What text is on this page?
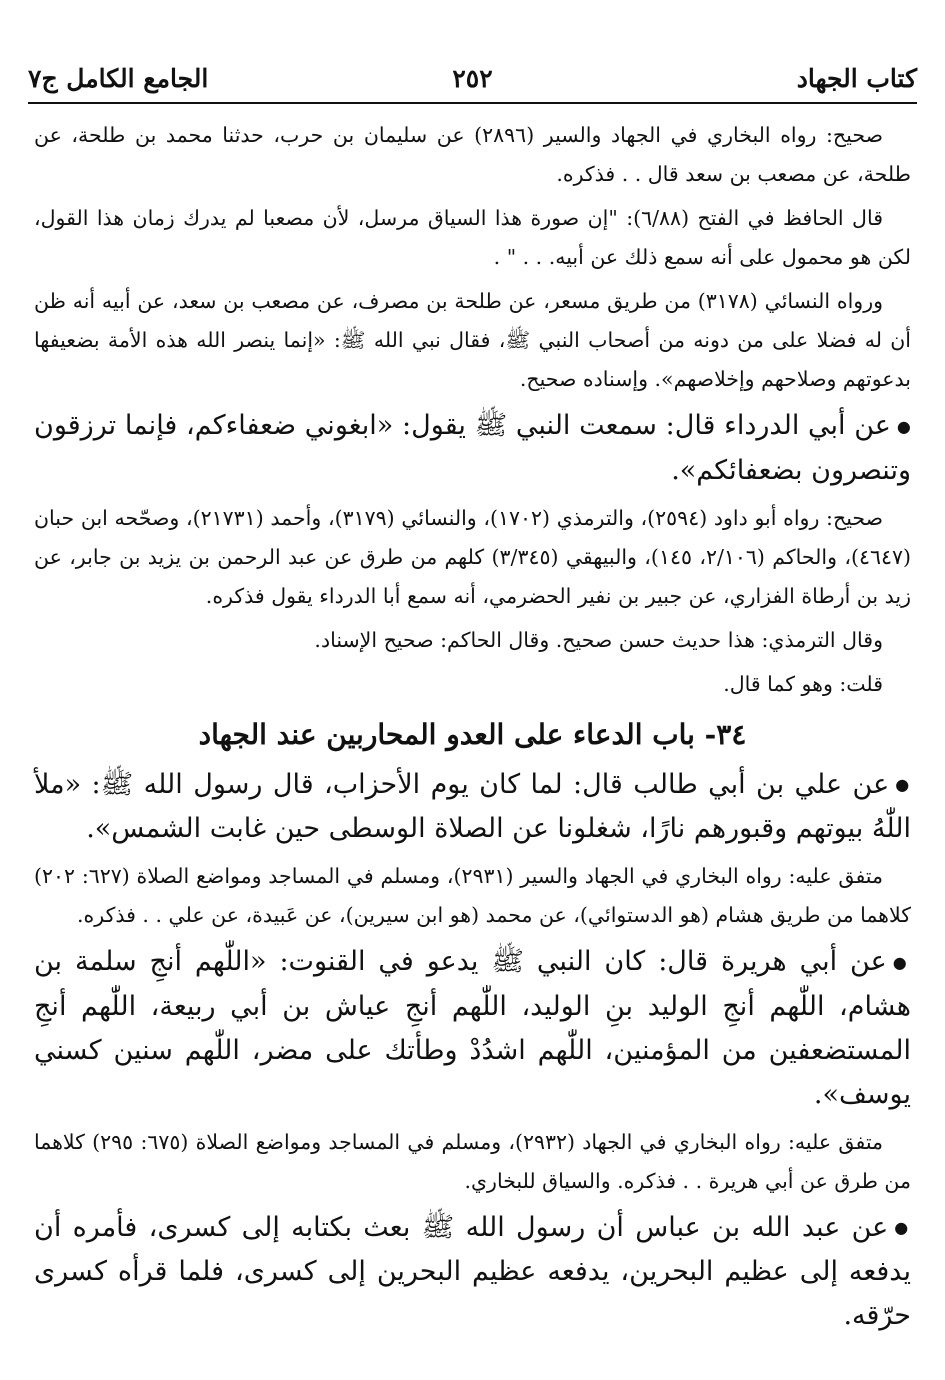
كتاب الجهاد
٢٥٢
الجامع الكامل ج٧

صحيح: رواه البخاري في الجهاد والسير (٢٨٩٦) عن سليمان بن حرب، حدثنا محمد بن طلحة، عن طلحة، عن مصعب بن سعد قال . . فذكره.

قال الحافظ في الفتح (٦/٨٨): "إن صورة هذا السياق مرسل، لأن مصعبا لم يدرك زمان هذا القول، لكن هو محمول على أنه سمع ذلك عن أبيه. . . " .

ورواه النسائي (٣١٧٨) من طريق مسعر، عن طلحة بن مصرف، عن مصعب بن سعد، عن أبيه أنه ظن أن له فضلا على من دونه من أصحاب النبي ﷺ، فقال نبي الله ﷺ: «إنما ينصر الله هذه الأمة بضعيفها بدعوتهم وصلاحهم وإخلاصهم». وإسناده صحيح.

●عن أبي الدرداء قال: سمعت النبي ﷺ يقول: «ابغوني ضعفاءكم، فإنما ترزقون وتنصرون بضعفائكم».

صحيح: رواه أبو داود (٢٥٩٤)، والترمذي (١٧٠٢)، والنسائي (٣١٧٩)، وأحمد (٢١٧٣١)، وصحّحه ابن حبان (٤٦٤٧)، والحاكم (٢/١٠٦، ١٤٥)، والبيهقي (٣/٣٤٥) كلهم من طرق عن عبد الرحمن بن يزيد بن جابر، عن زيد بن أرطاة الفزاري، عن جبير بن نفير الحضرمي، أنه سمع أبا الدرداء يقول فذكره.

وقال الترمذي: هذا حديث حسن صحيح. وقال الحاكم: صحيح الإسناد.

قلت: وهو كما قال.

٣٤- باب الدعاء على العدو المحاربين عند الجهاد

●عن علي بن أبي طالب قال: لما كان يوم الأحزاب، قال رسول الله ﷺ: «ملأ اللّٰهُ بيوتهم وقبورهم نارًا، شغلونا عن الصلاة الوسطى حين غابت الشمس».

متفق عليه: رواه البخاري في الجهاد والسير (٢٩٣١)، ومسلم في المساجد ومواضع الصلاة (٦٢٧: ٢٠٢) كلاهما من طريق هشام (هو الدستوائي)، عن محمد (هو ابن سيرين)، عن عَبيدة، عن علي . . فذكره.

●عن أبي هريرة قال: كان النبي ﷺ يدعو في القنوت: «اللّٰهم أنجِ سلمة بن هشام، اللّٰهم أنجِ الوليد بنِ الوليد، اللّٰهم أنجِ عياش بن أبي ربيعة، اللّٰهم أنجِ المستضعفين من المؤمنين، اللّٰهم اشدُدْ وطأتك على مضر، اللّٰهم سنين كسني يوسف».

متفق عليه: رواه البخاري في الجهاد (٢٩٣٢)، ومسلم في المساجد ومواضع الصلاة (٦٧٥: ٢٩٥) كلاهما من طرق عن أبي هريرة . . فذكره. والسياق للبخاري.

●عن عبد الله بن عباس أن رسول الله ﷺ بعث بكتابه إلى كسرى، فأمره أن يدفعه إلى عظيم البحرين، يدفعه عظيم البحرين إلى كسرى، فلما قرأه كسرى حرّقه.
